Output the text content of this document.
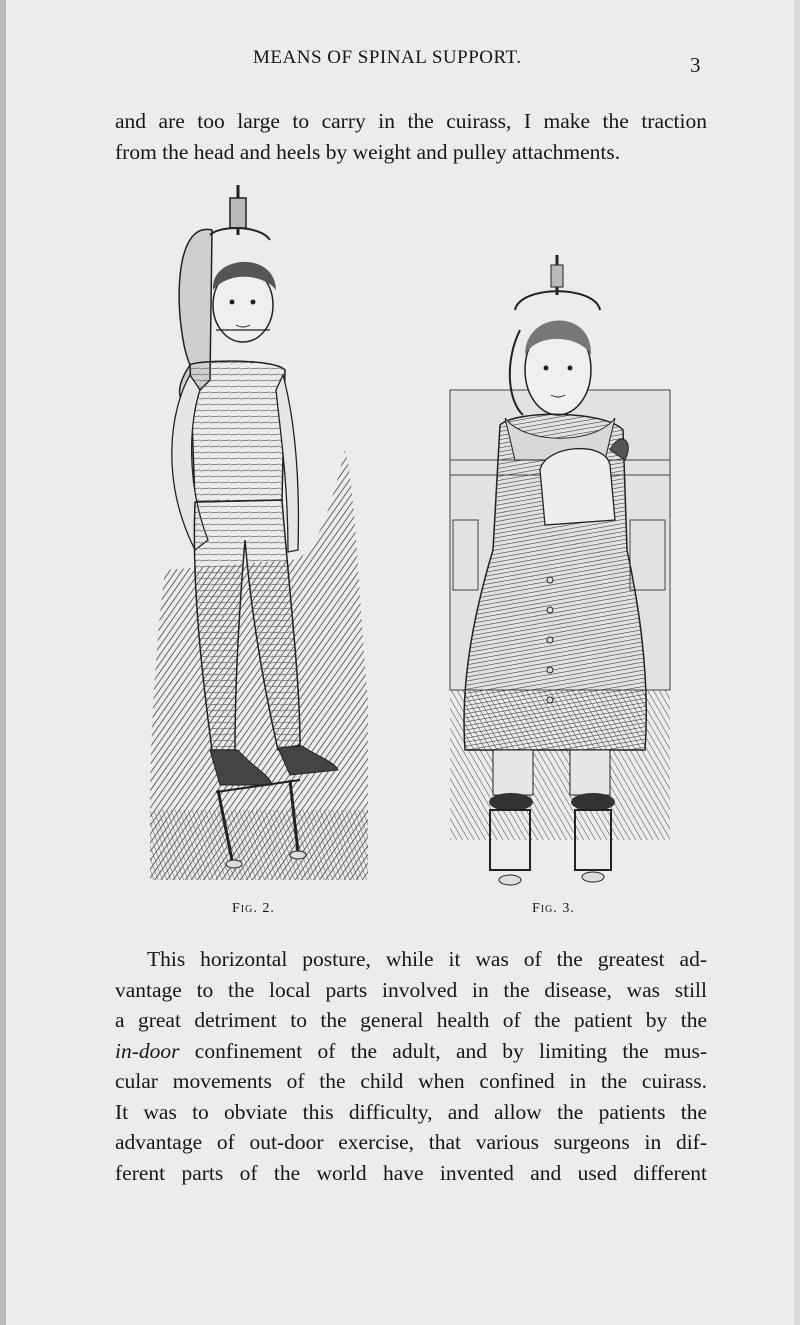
MEANS OF SPINAL SUPPORT.	3

and are too large to carry in the cuirass, I make the traction
from the head and heels by weight and pulley attachments.

Fig. 2.	Fig. 3.

This horizontal posture, while it was of the greatest ad-
vantage to the local parts involved in the disease, was still
a great detriment to the general health of the patient by the
in-door confinement of the adult, and by limiting the mus-
cular movements of the child when confined in the cuirass.
It was to obviate this difficulty, and allow the patients the
advantage of out-door exercise, that various surgeons in dif-
ferent parts of the world have invented and used different
